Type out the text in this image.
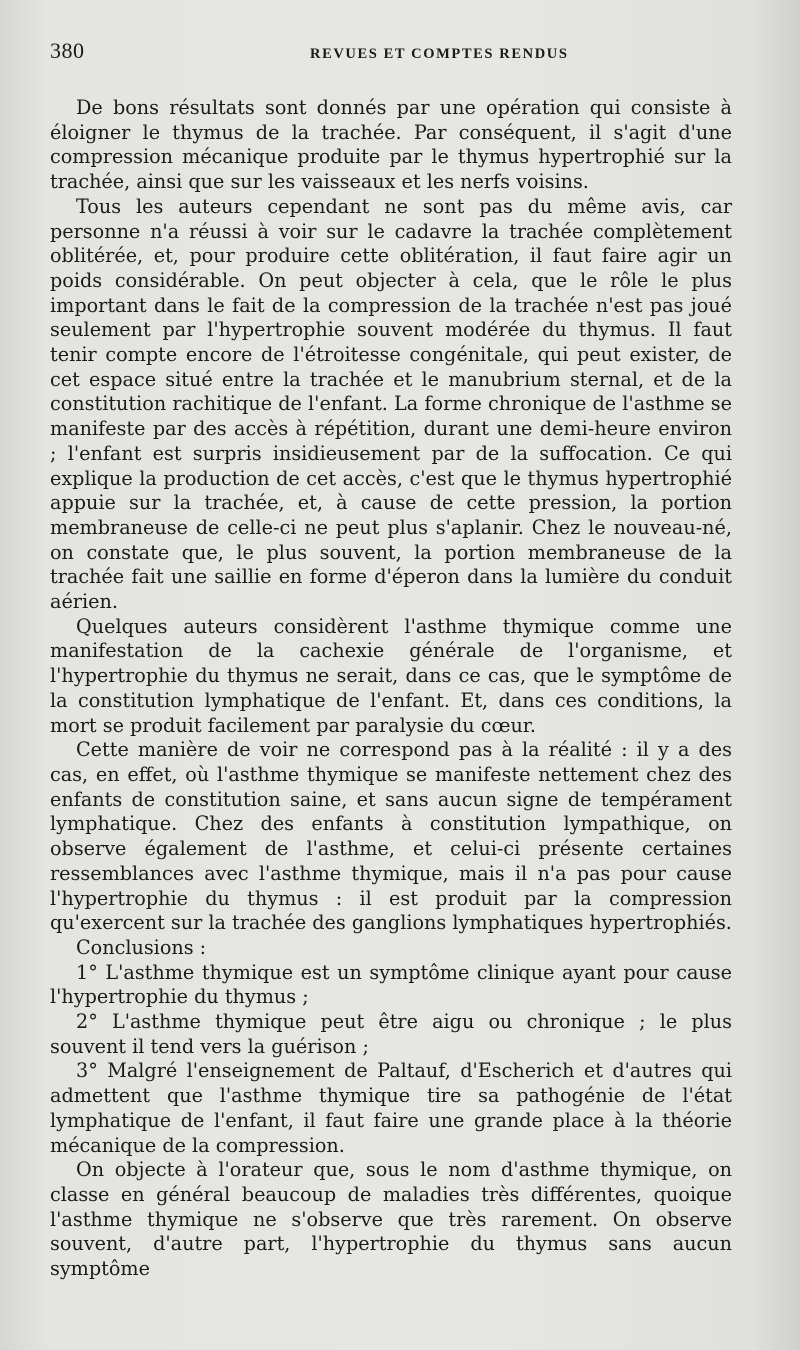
380	REVUES ET COMPTES RENDUS

De bons résultats sont donnés par une opération qui consiste à éloigner le thymus de la trachée. Par conséquent, il s'agit d'une compression mécanique produite par le thymus hypertrophié sur la trachée, ainsi que sur les vaisseaux et les nerfs voisins.

Tous les auteurs cependant ne sont pas du même avis, car personne n'a réussi à voir sur le cadavre la trachée complètement oblitérée, et, pour produire cette oblitération, il faut faire agir un poids considérable. On peut objecter à cela, que le rôle le plus important dans le fait de la compression de la trachée n'est pas joué seulement par l'hypertrophie souvent modérée du thymus. Il faut tenir compte encore de l'étroitesse congénitale, qui peut exister, de cet espace situé entre la trachée et le manubrium sternal, et de la constitution rachitique de l'enfant. La forme chronique de l'asthme se manifeste par des accès à répétition, durant une demi-heure environ ; l'enfant est surpris insidieusement par de la suffocation. Ce qui explique la production de cet accès, c'est que le thymus hypertrophié appuie sur la trachée, et, à cause de cette pression, la portion membraneuse de celle-ci ne peut plus s'aplanir. Chez le nouveau-né, on constate que, le plus souvent, la portion membraneuse de la trachée fait une saillie en forme d'éperon dans la lumière du conduit aérien.

Quelques auteurs considèrent l'asthme thymique comme une manifestation de la cachexie générale de l'organisme, et l'hypertrophie du thymus ne serait, dans ce cas, que le symptôme de la constitution lymphatique de l'enfant. Et, dans ces conditions, la mort se produit facilement par paralysie du cœur.

Cette manière de voir ne correspond pas à la réalité : il y a des cas, en effet, où l'asthme thymique se manifeste nettement chez des enfants de constitution saine, et sans aucun signe de tempérament lymphatique. Chez des enfants à constitution lympathique, on observe également de l'asthme, et celui-ci présente certaines ressemblances avec l'asthme thymique, mais il n'a pas pour cause l'hypertrophie du thymus : il est produit par la compression qu'exercent sur la trachée des ganglions lymphatiques hypertrophiés.

Conclusions :

1° L'asthme thymique est un symptôme clinique ayant pour cause l'hypertrophie du thymus ;

2° L'asthme thymique peut être aigu ou chronique ; le plus souvent il tend vers la guérison ;

3° Malgré l'enseignement de Paltauf, d'Escherich et d'autres qui admettent que l'asthme thymique tire sa pathogénie de l'état lymphatique de l'enfant, il faut faire une grande place à la théorie mécanique de la compression.

On objecte à l'orateur que, sous le nom d'asthme thymique, on classe en général beaucoup de maladies très différentes, quoique l'asthme thymique ne s'observe que très rarement. On observe souvent, d'autre part, l'hypertrophie du thymus sans aucun symptôme
